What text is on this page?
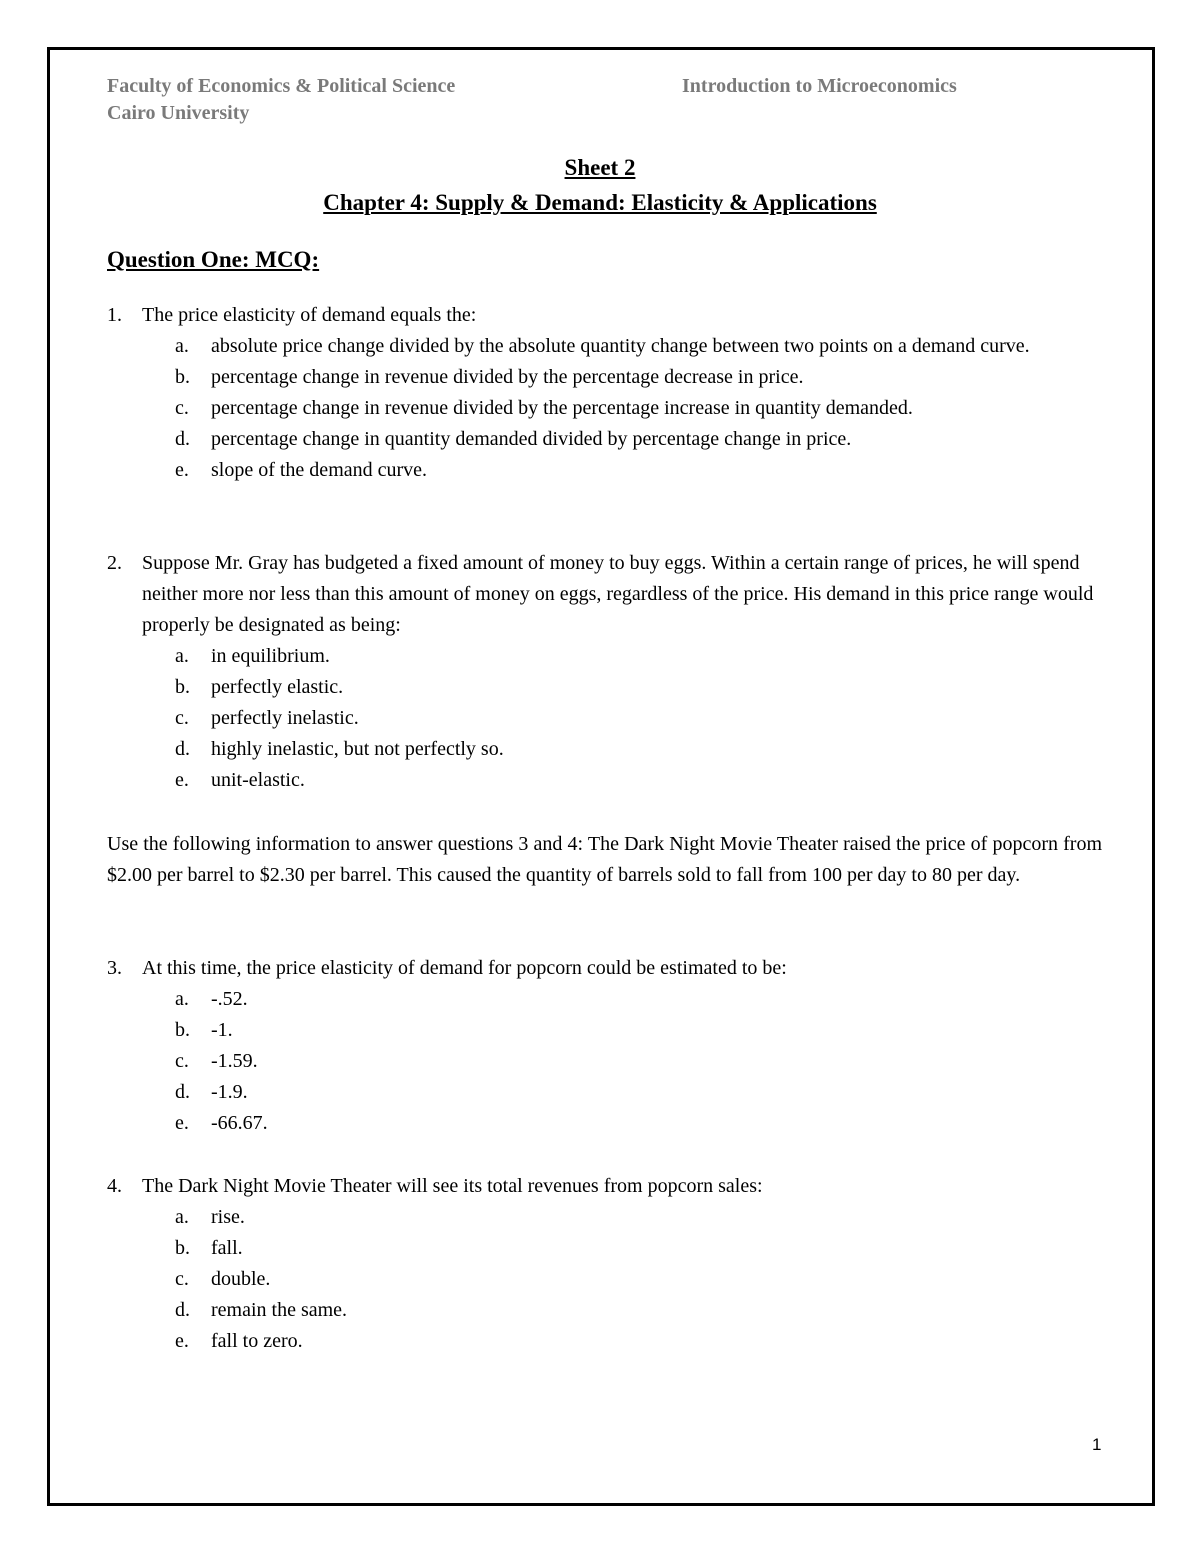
Faculty of Economics & Political Science
Cairo University
Introduction to Microeconomics
Sheet 2
Chapter 4: Supply & Demand: Elasticity & Applications
Question One: MCQ:
1. The price elasticity of demand equals the:
a. absolute price change divided by the absolute quantity change between two points on a demand curve.
b. percentage change in revenue divided by the percentage decrease in price.
c. percentage change in revenue divided by the percentage increase in quantity demanded.
d. percentage change in quantity demanded divided by percentage change in price.
e. slope of the demand curve.
2. Suppose Mr. Gray has budgeted a fixed amount of money to buy eggs. Within a certain range of prices, he will spend neither more nor less than this amount of money on eggs, regardless of the price. His demand in this price range would properly be designated as being:
a. in equilibrium.
b. perfectly elastic.
c. perfectly inelastic.
d. highly inelastic, but not perfectly so.
e. unit-elastic.
Use the following information to answer questions 3 and 4: The Dark Night Movie Theater raised the price of popcorn from $2.00 per barrel to $2.30 per barrel. This caused the quantity of barrels sold to fall from 100 per day to 80 per day.
3. At this time, the price elasticity of demand for popcorn could be estimated to be:
a. -.52.
b. -1.
c. -1.59.
d. -1.9.
e. -66.67.
4. The Dark Night Movie Theater will see its total revenues from popcorn sales:
a. rise.
b. fall.
c. double.
d. remain the same.
e. fall to zero.
1
